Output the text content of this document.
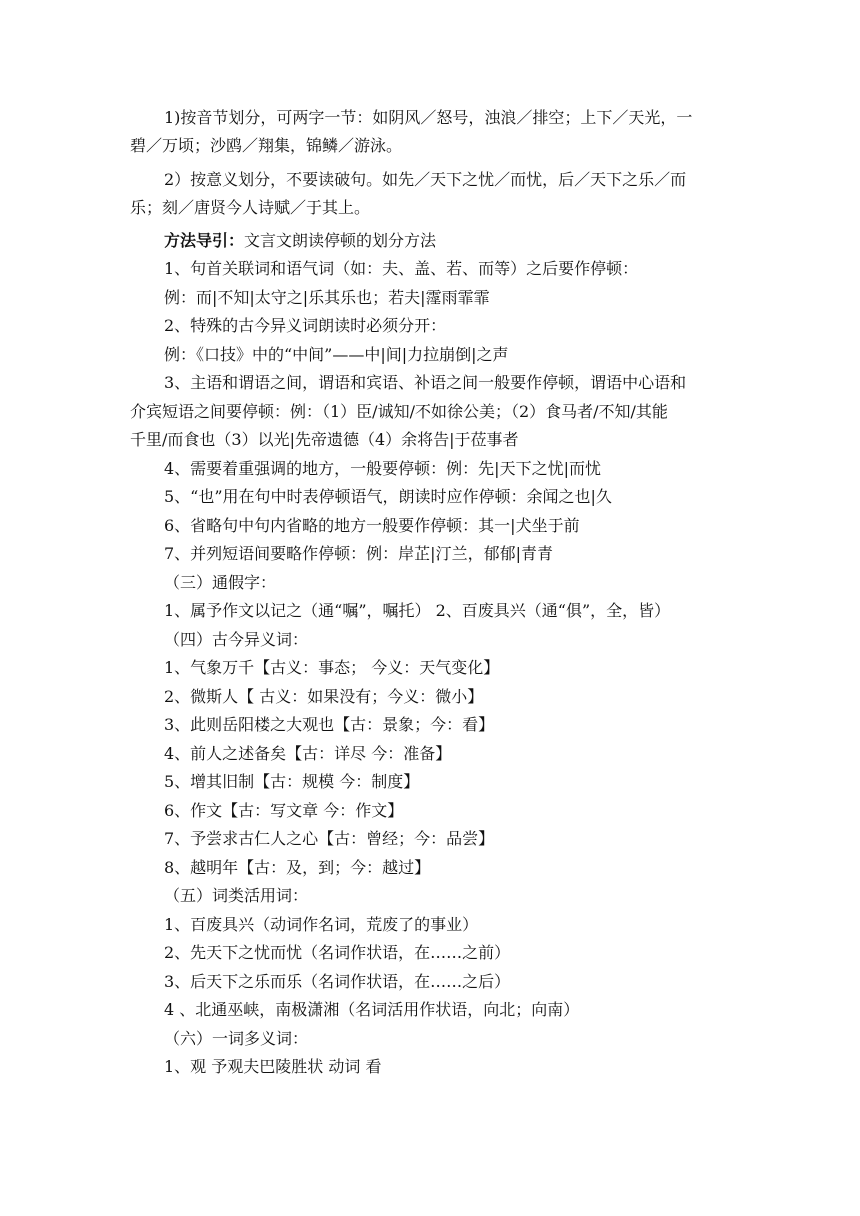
1)按音节划分，可两字一节：如阴风／怒号，浊浪／排空；上下／天光，一
碧／万顷；沙鸥／翔集，锦鳞／游泳。
2）按意义划分，不要读破句。如先／天下之忧／而忧，后／天下之乐／而
乐；刻／唐贤今人诗赋／于其上。
方法导引：文言文朗读停顿的划分方法
1、句首关联词和语气词（如：夫、盖、若、而等）之后要作停顿：
例：而|不知|太守之|乐其乐也；若夫|霪雨霏霏
2、特殊的古今异义词朗读时必须分开：
例：《口技》中的“中间”——中|间|力拉崩倒|之声
3、主语和谓语之间，谓语和宾语、补语之间一般要作停顿，谓语中心语和
介宾短语之间要停顿：例：（1）臣/诚知/不如徐公美；（2）食马者/不知/其能
千里/而食也（3）以光|先帝遗德（4）余将告|于莅事者
4、需要着重强调的地方，一般要停顿：例：先|天下之忧|而忧
5、“也”用在句中时表停顿语气，朗读时应作停顿：余闻之也|久
6、省略句中句内省略的地方一般要作停顿：其一|犬坐于前
7、并列短语间要略作停顿：例：岸芷|汀兰，郁郁|青青
（三）通假字：
1、属予作文以记之（通“嘱”，嘱托） 2、百废具兴（通“俱”，全，皆）
（四）古今异义词：
1、气象万千【古义：事态； 今义：天气变化】
2、微斯人【 古义：如果没有；今义：微小】
3、此则岳阳楼之大观也【古：景象；今：看】
4、前人之述备矣【古：详尽 今：准备】
5、增其旧制【古：规模 今：制度】
6、作文【古：写文章 今：作文】
7、予尝求古仁人之心【古：曾经；今：品尝】
8、越明年【古：及，到；今：越过】
（五）词类活用词：
1、百废具兴（动词作名词，荒废了的事业）
2、先天下之忧而忧（名词作状语，在……之前）
3、后天下之乐而乐（名词作状语，在……之后）
4 、北通巫峡，南极潇湘（名词活用作状语，向北；向南）
（六）一词多义词：
1、观 予观夫巴陵胜状 动词 看
